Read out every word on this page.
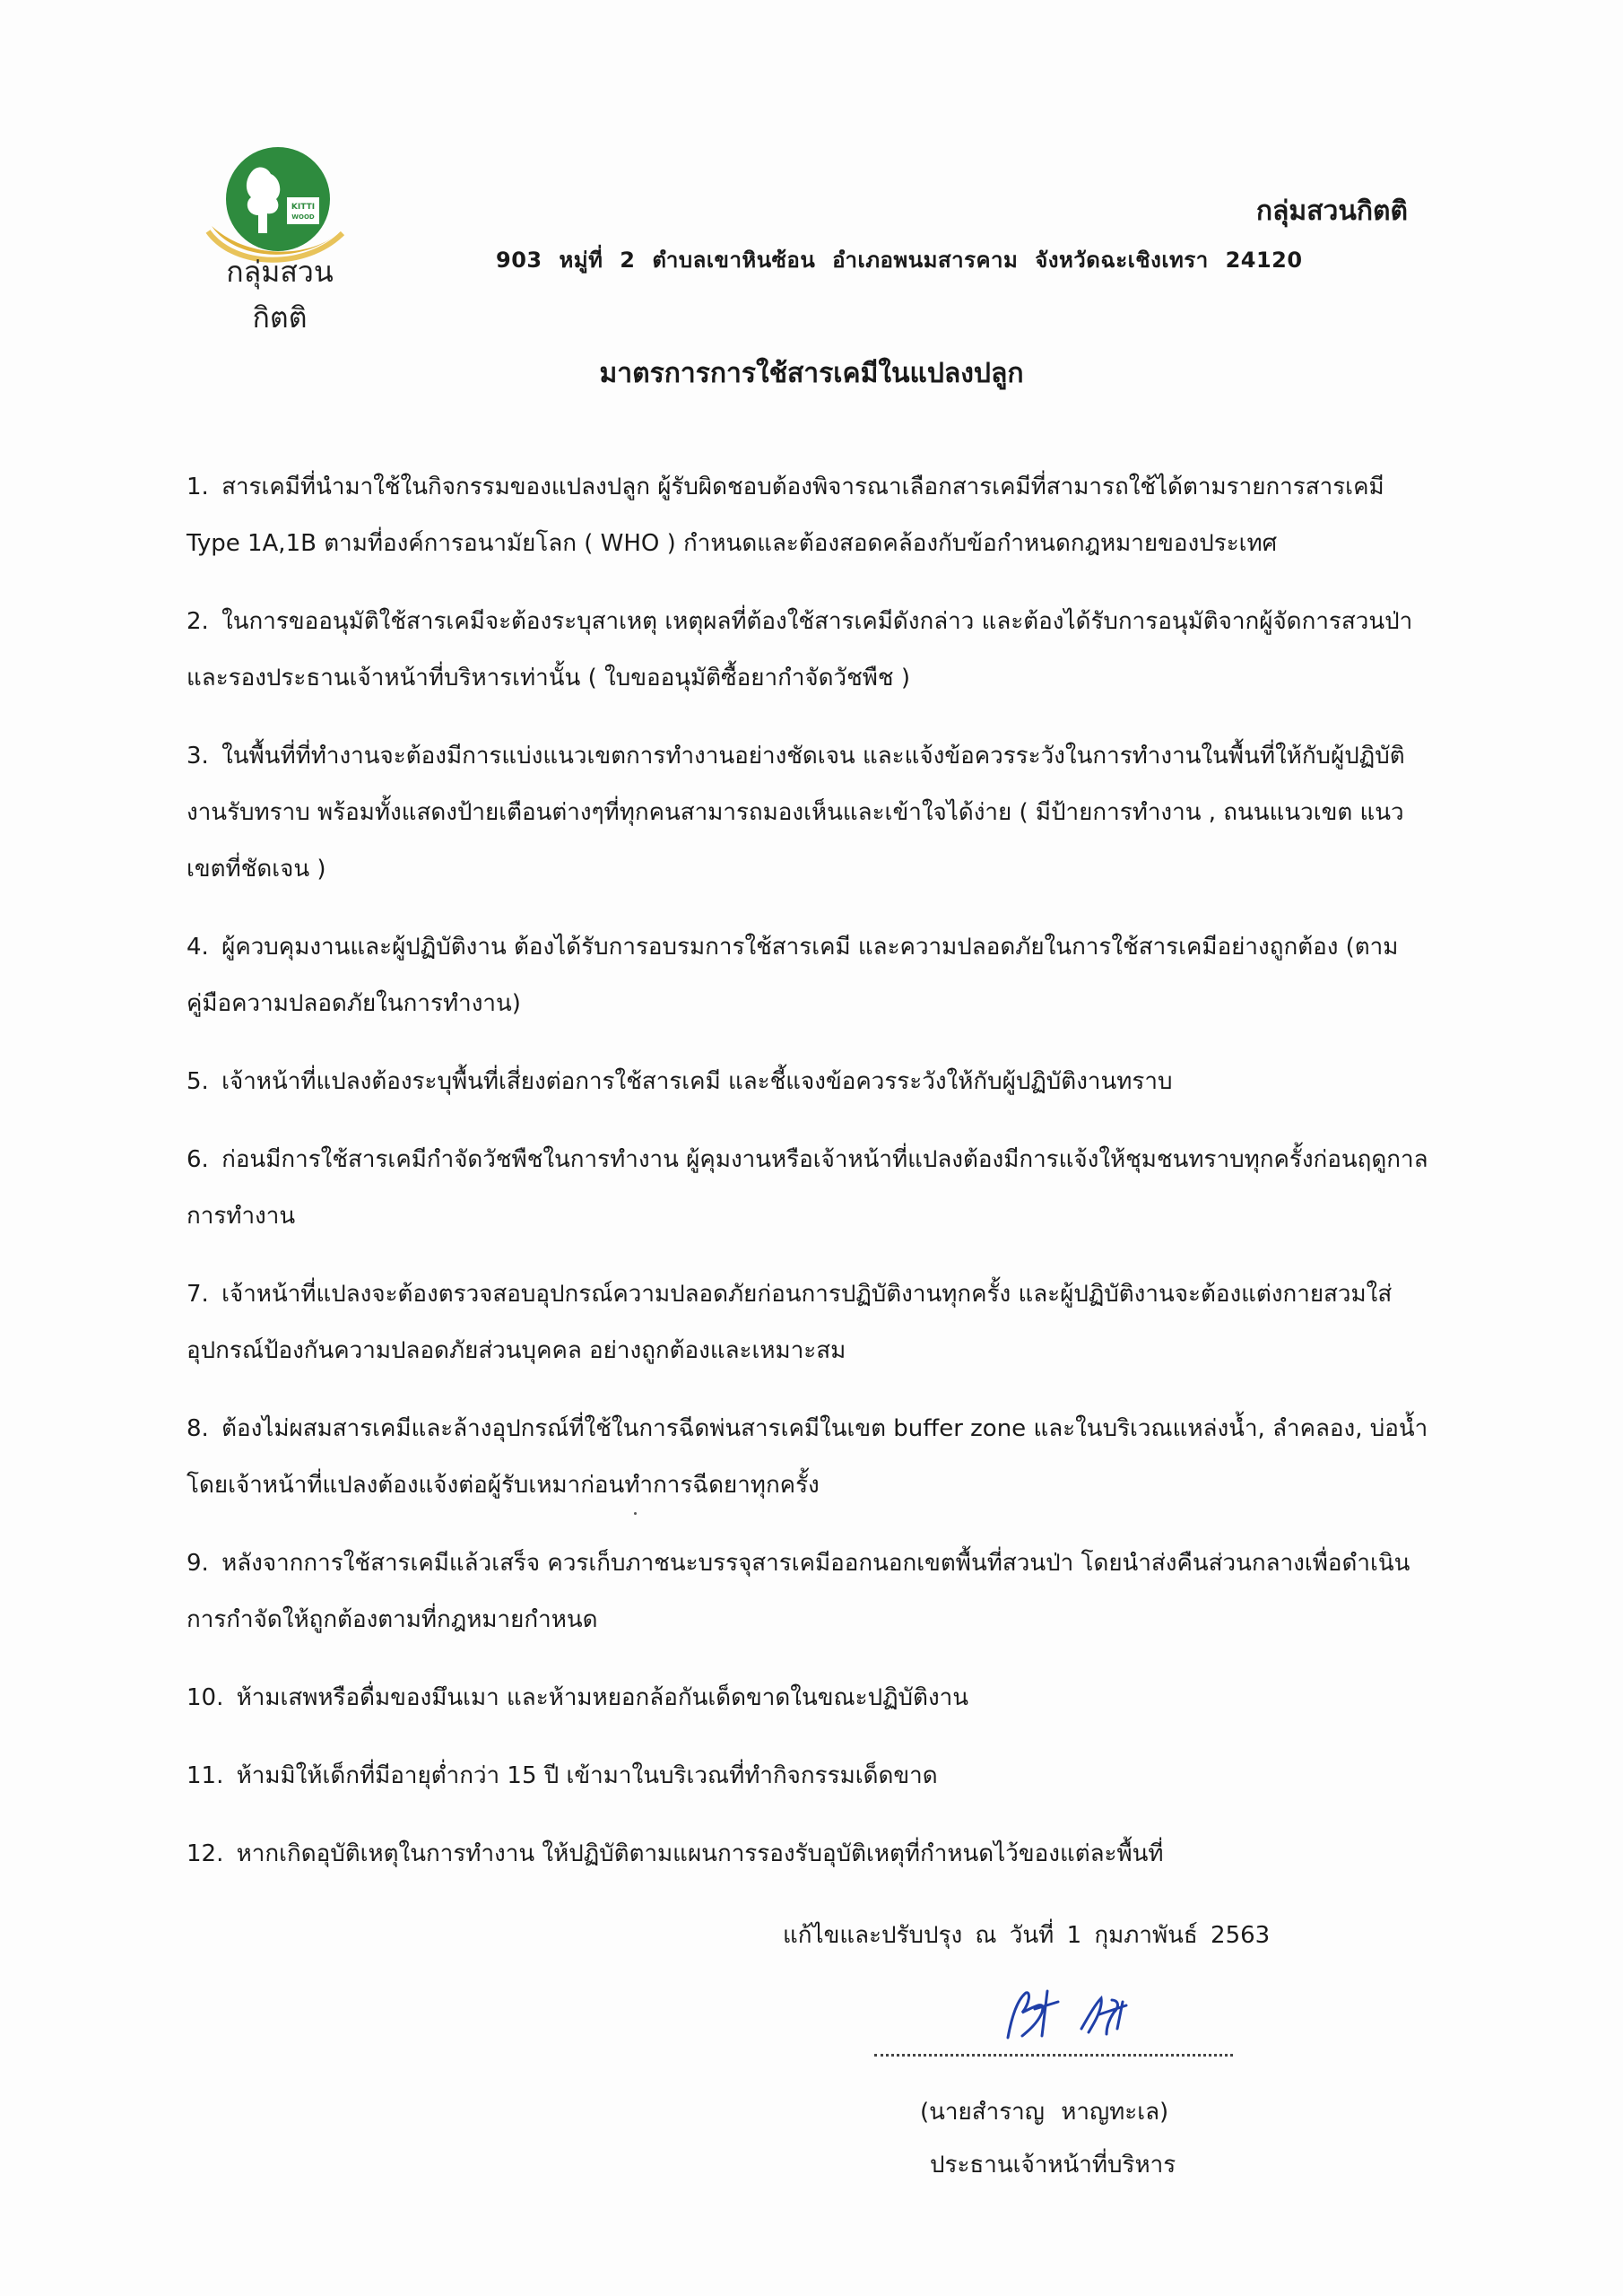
KITTI
WOOD
กลุ่มสวนกิตติ
กลุ่มสวนกิตติ
903 หมู่ที่ 2 ตำบลเขาหินซ้อน อำเภอพนมสารคาม จังหวัดฉะเชิงเทรา 24120
มาตรการการใช้สารเคมีในแปลงปลูก
1. สารเคมีที่นำมาใช้ในกิจกรรมของแปลงปลูก ผู้รับผิดชอบต้องพิจารณาเลือกสารเคมีที่สามารถใช้ได้ตามรายการสารเคมี Type 1A,1B ตามที่องค์การอนามัยโลก ( WHO ) กำหนดและต้องสอดคล้องกับข้อกำหนดกฎหมายของประเทศ
2. ในการขออนุมัติใช้สารเคมีจะต้องระบุสาเหตุ เหตุผลที่ต้องใช้สารเคมีดังกล่าว และต้องได้รับการอนุมัติจากผู้จัดการสวนป่าและรองประธานเจ้าหน้าที่บริหารเท่านั้น ( ใบขออนุมัติซื้อยากำจัดวัชพืช )
3. ในพื้นที่ที่ทำงานจะต้องมีการแบ่งแนวเขตการทำงานอย่างชัดเจน และแจ้งข้อควรระวังในการทำงานในพื้นที่ให้กับผู้ปฏิบัติงานรับทราบ พร้อมทั้งแสดงป้ายเตือนต่างๆที่ทุกคนสามารถมองเห็นและเข้าใจได้ง่าย ( มีป้ายการทำงาน , ถนนแนวเขต แนวเขตที่ชัดเจน )
4. ผู้ควบคุมงานและผู้ปฏิบัติงาน ต้องได้รับการอบรมการใช้สารเคมี และความปลอดภัยในการใช้สารเคมีอย่างถูกต้อง (ตามคู่มือความปลอดภัยในการทำงาน)
5. เจ้าหน้าที่แปลงต้องระบุพื้นที่เสี่ยงต่อการใช้สารเคมี และชี้แจงข้อควรระวังให้กับผู้ปฏิบัติงานทราบ
6. ก่อนมีการใช้สารเคมีกำจัดวัชพืชในการทำงาน ผู้คุมงานหรือเจ้าหน้าที่แปลงต้องมีการแจ้งให้ชุมชนทราบทุกครั้งก่อนฤดูกาลการทำงาน
7. เจ้าหน้าที่แปลงจะต้องตรวจสอบอุปกรณ์ความปลอดภัยก่อนการปฏิบัติงานทุกครั้ง และผู้ปฏิบัติงานจะต้องแต่งกายสวมใส่อุปกรณ์ป้องกันความปลอดภัยส่วนบุคคล อย่างถูกต้องและเหมาะสม
8. ต้องไม่ผสมสารเคมีและล้างอุปกรณ์ที่ใช้ในการฉีดพ่นสารเคมีในเขต buffer zone และในบริเวณแหล่งน้ำ, ลำคลอง, บ่อน้ำ โดยเจ้าหน้าที่แปลงต้องแจ้งต่อผู้รับเหมาก่อนทำการฉีดยาทุกครั้ง
9. หลังจากการใช้สารเคมีแล้วเสร็จ ควรเก็บภาชนะบรรจุสารเคมีออกนอกเขตพื้นที่สวนป่า โดยนำส่งคืนส่วนกลางเพื่อดำเนินการกำจัดให้ถูกต้องตามที่กฎหมายกำหนด
10. ห้ามเสพหรือดื่มของมึนเมา และห้ามหยอกล้อกันเด็ดขาดในขณะปฏิบัติงาน
11. ห้ามมิให้เด็กที่มีอายุต่ำกว่า 15 ปี เข้ามาในบริเวณที่ทำกิจกรรมเด็ดขาด
12. หากเกิดอุบัติเหตุในการทำงาน ให้ปฏิบัติตามแผนการรองรับอุบัติเหตุที่กำหนดไว้ของแต่ละพื้นที่
แก้ไขและปรับปรุง ณ วันที่ 1 กุมภาพันธ์ 2563
(นายสำราญ หาญทะเล)
ประธานเจ้าหน้าที่บริหาร
